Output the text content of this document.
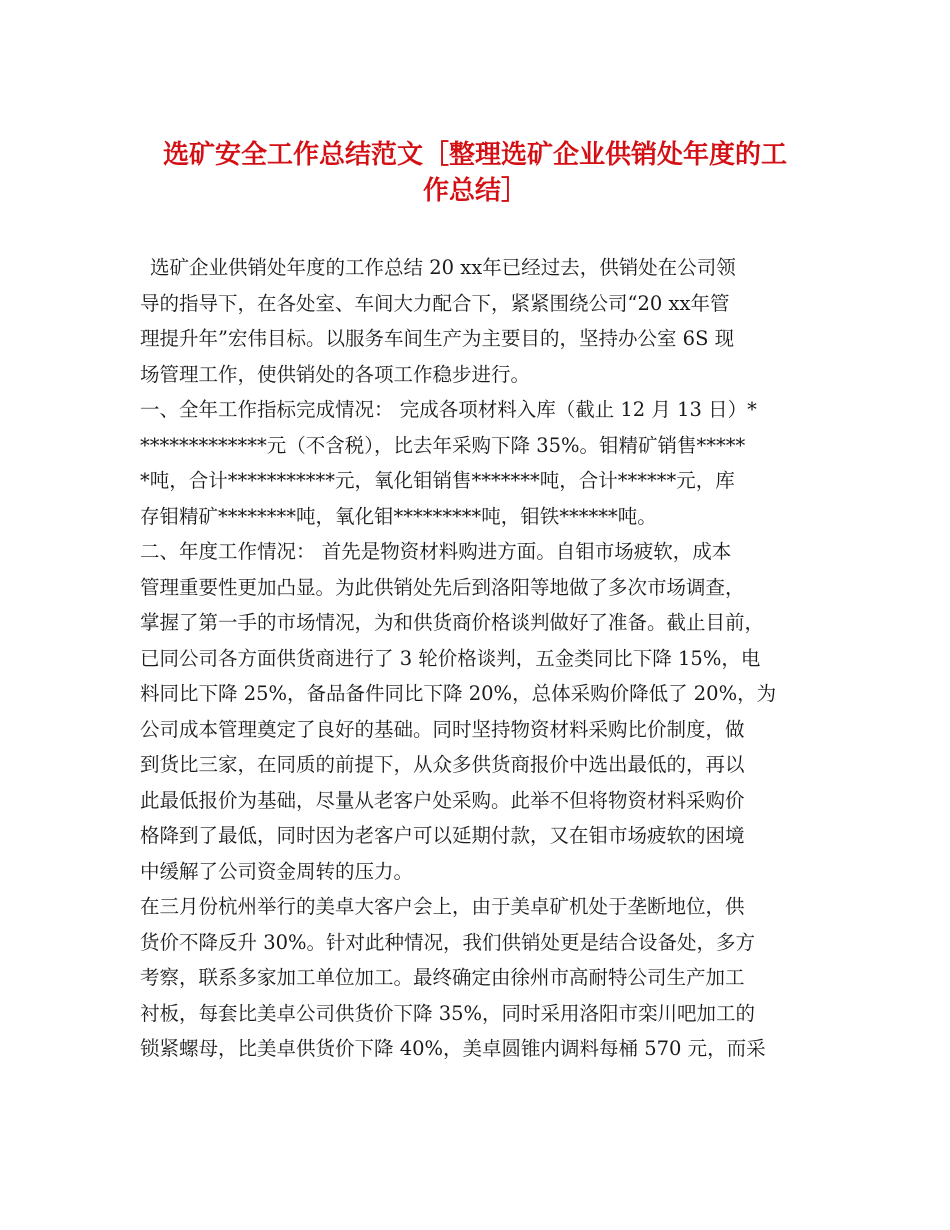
选矿安全工作总结范文［整理选矿企业供销处年度的工
作总结］
选矿企业供销处年度的工作总结 20 xx年已经过去，供销处在公司领
导的指导下，在各处室、车间大力配合下，紧紧围绕公司“20 xx年管
理提升年”宏伟目标。以服务车间生产为主要目的，坚持办公室 6S 现
场管理工作，使供销处的各项工作稳步进行。
一、全年工作指标完成情况： 完成各项材料入库（截止 12 月 13 日）*
*************元（不含税），比去年采购下降 35%。钼精矿销售*****
*吨，合计***********元，氧化钼销售*******吨，合计******元，库
存钼精矿********吨，氧化钼*********吨，钼铁******吨。
二、年度工作情况： 首先是物资材料购进方面。自钼市场疲软，成本
管理重要性更加凸显。为此供销处先后到洛阳等地做了多次市场调查，
掌握了第一手的市场情况，为和供货商价格谈判做好了准备。截止目前，
已同公司各方面供货商进行了 3 轮价格谈判，五金类同比下降 15%，电
料同比下降 25%，备品备件同比下降 20%，总体采购价降低了 20%，为
公司成本管理奠定了良好的基础。同时坚持物资材料采购比价制度，做
到货比三家，在同质的前提下，从众多供货商报价中选出最低的，再以
此最低报价为基础，尽量从老客户处采购。此举不但将物资材料采购价
格降到了最低，同时因为老客户可以延期付款，又在钼市场疲软的困境
中缓解了公司资金周转的压力。
在三月份杭州举行的美卓大客户会上，由于美卓矿机处于垄断地位，供
货价不降反升 30%。针对此种情况，我们供销处更是结合设备处，多方
考察，联系多家加工单位加工。最终确定由徐州市高耐特公司生产加工
衬板，每套比美卓公司供货价下降 35%，同时采用洛阳市栾川吧加工的
锁紧螺母，比美卓供货价下降 40%，美卓圆锥内调料每桶 570 元，而采
